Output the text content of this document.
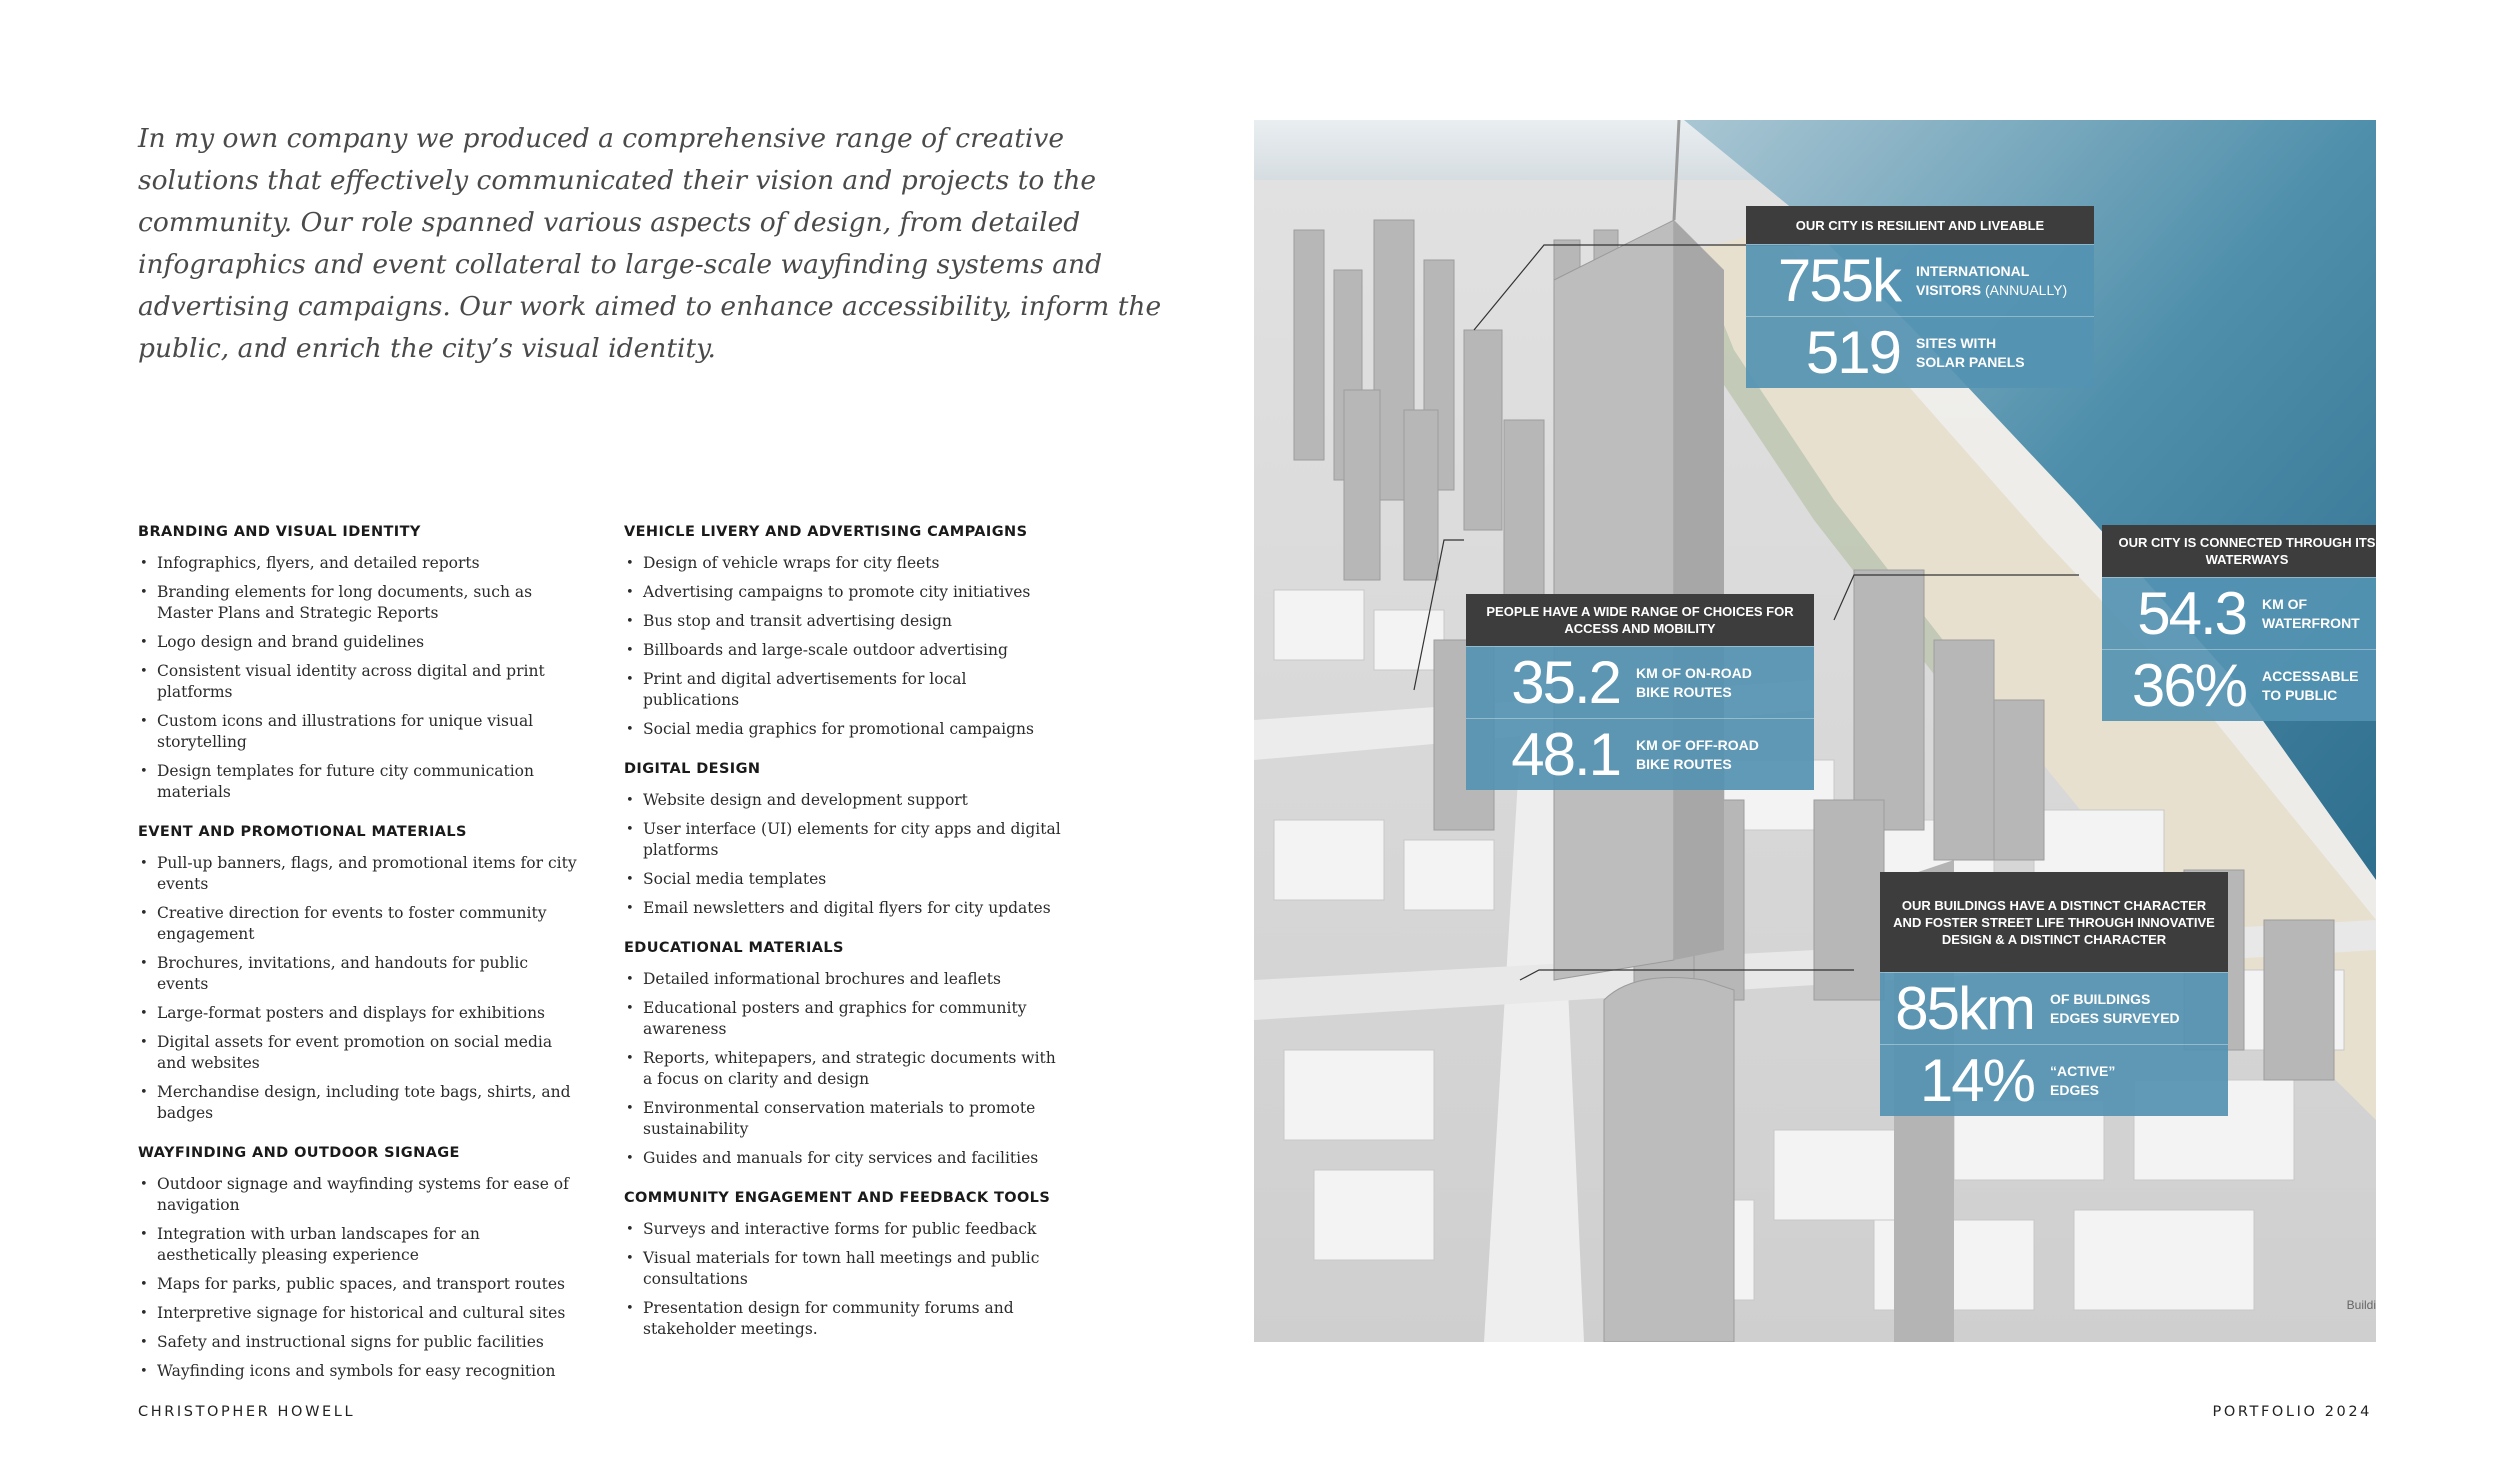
In my own company we produced a comprehensive range of creative solutions that effectively communicated their vision and projects to the community. Our role spanned various aspects of design, from detailed infographics and event collateral to large-scale wayfinding systems and advertising campaigns. Our work aimed to enhance accessibility, inform the public, and enrich the city’s visual identity.

BRANDING AND VISUAL IDENTITY
• Infographics, flyers, and detailed reports
• Branding elements for long documents, such as Master Plans and Strategic Reports
• Logo design and brand guidelines
• Consistent visual identity across digital and print platforms
• Custom icons and illustrations for unique visual storytelling
• Design templates for future city communication materials
EVENT AND PROMOTIONAL MATERIALS
• Pull-up banners, flags, and promotional items for city events
• Creative direction for events to foster community engagement
• Brochures, invitations, and handouts for public events
• Large-format posters and displays for exhibitions
• Digital assets for event promotion on social media and websites
• Merchandise design, including tote bags, shirts, and badges
WAYFINDING AND OUTDOOR SIGNAGE
• Outdoor signage and wayfinding systems for ease of navigation
• Integration with urban landscapes for an aesthetically pleasing experience
• Maps for parks, public spaces, and transport routes
• Interpretive signage for historical and cultural sites
• Safety and instructional signs for public facilities
• Wayfinding icons and symbols for easy recognition
VEHICLE LIVERY AND ADVERTISING CAMPAIGNS
• Design of vehicle wraps for city fleets
• Advertising campaigns to promote city initiatives
• Bus stop and transit advertising design
• Billboards and large-scale outdoor advertising
• Print and digital advertisements for local publications
• Social media graphics for promotional campaigns
DIGITAL DESIGN
• Website design and development support
• User interface (UI) elements for city apps and digital platforms
• Social media templates
• Email newsletters and digital flyers for city updates
EDUCATIONAL MATERIALS
• Detailed informational brochures and leaflets
• Educational posters and graphics for community awareness
• Reports, whitepapers, and strategic documents with a focus on clarity and design
• Environmental conservation materials to promote sustainability
• Guides and manuals for city services and facilities
COMMUNITY ENGAGEMENT AND FEEDBACK TOOLS
• Surveys and interactive forms for public feedback
• Visual materials for town hall meetings and public consultations
• Presentation design for community forums and stakeholder meetings.
OUR CITY IS RESILIENT AND LIVEABLE
755k	INTERNATIONAL
VISITORS (ANNUALLY)
519	SITES WITH
SOLAR PANELS
OUR CITY IS CONNECTED THROUGH ITS WATERWAYS
54.3	KM OF
WATERFRONT
36%	ACCESSABLE
TO PUBLIC
PEOPLE HAVE A WIDE RANGE OF CHOICES FOR ACCESS AND MOBILITY
35.2	KM OF ON-ROAD
BIKE ROUTES
48.1	KM OF OFF-ROAD
BIKE ROUTES
OUR BUILDINGS HAVE A DISTINCT CHARACTER AND FOSTER STREET LIFE THROUGH INNOVATIVE DESIGN & A DISTINCT CHARACTER
85km	OF BUILDINGS
EDGES SURVEYED
14%	“ACTIVE”
EDGES
Buildi
CHRISTOPHER HOWELL	PORTFOLIO 2024
